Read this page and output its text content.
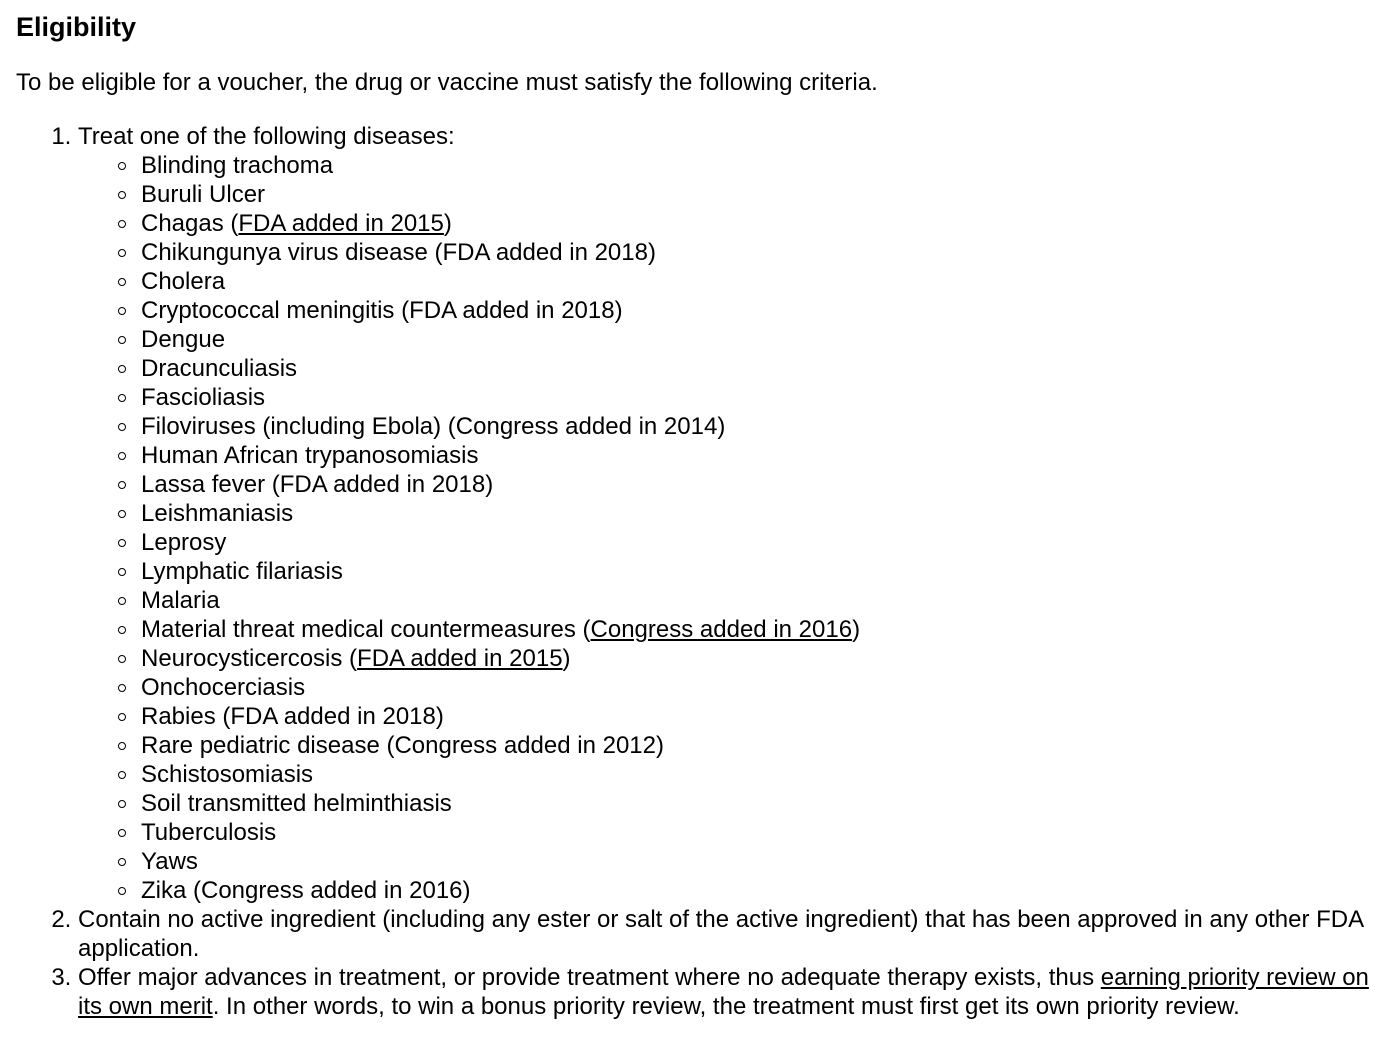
Eligibility

To be eligible for a voucher, the drug or vaccine must satisfy the following criteria.

1. Treat one of the following diseases:
Blinding trachoma
Buruli Ulcer
Chagas (FDA added in 2015)
Chikungunya virus disease (FDA added in 2018)
Cholera
Cryptococcal meningitis (FDA added in 2018)
Dengue
Dracunculiasis
Fascioliasis
Filoviruses (including Ebola) (Congress added in 2014)
Human African trypanosomiasis
Lassa fever (FDA added in 2018)
Leishmaniasis
Leprosy
Lymphatic filariasis
Malaria
Material threat medical countermeasures (Congress added in 2016)
Neurocysticercosis (FDA added in 2015)
Onchocerciasis
Rabies (FDA added in 2018)
Rare pediatric disease (Congress added in 2012)
Schistosomiasis
Soil transmitted helminthiasis
Tuberculosis
Yaws
Zika (Congress added in 2016)
2. Contain no active ingredient (including any ester or salt of the active ingredient) that has been approved in any other FDA application.
3. Offer major advances in treatment, or provide treatment where no adequate therapy exists, thus earning priority review on its own merit. In other words, to win a bonus priority review, the treatment must first get its own priority review.
